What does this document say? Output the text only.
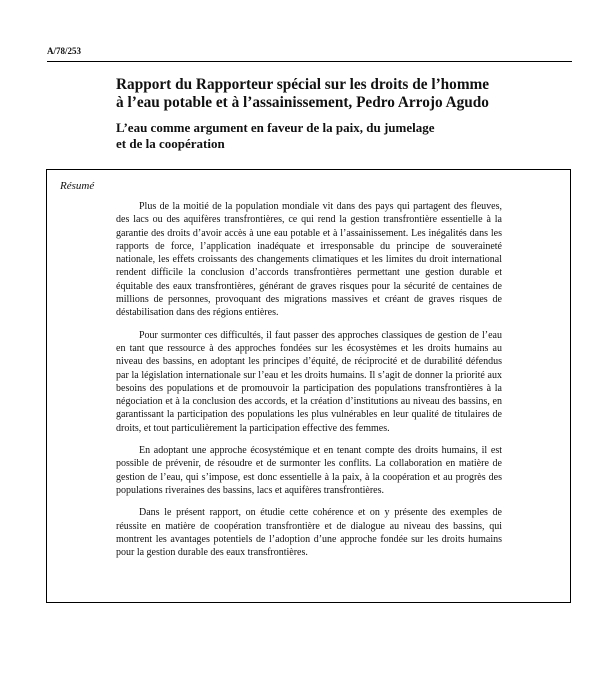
A/78/253
Rapport du Rapporteur spécial sur les droits de l’homme
à l’eau potable et à l’assainissement, Pedro Arrojo Agudo
L’eau comme argument en faveur de la paix, du jumelage
et de la coopération
Résumé

Plus de la moitié de la population mondiale vit dans des pays qui partagent des fleuves, des lacs ou des aquifères transfrontières, ce qui rend la gestion transfrontière essentielle à la garantie des droits d’avoir accès à une eau potable et à l’assainissement. Les inégalités dans les rapports de force, l’application inadéquate et irresponsable du principe de souveraineté nationale, les effets croissants des changements climatiques et les limites du droit international rendent difficile la conclusion d’accords transfrontières permettant une gestion durable et équitable des eaux transfrontières, générant de graves risques pour la sécurité de centaines de millions de personnes, provoquant des migrations massives et créant de graves risques de déstabilisation dans des régions entières.

Pour surmonter ces difficultés, il faut passer des approches classiques de gestion de l’eau en tant que ressource à des approches fondées sur les écosystèmes et les droits humains au niveau des bassins, en adoptant les principes d’équité, de réciprocité et de durabilité défendus par la législation internationale sur l’eau et les droits humains. Il s’agit de donner la priorité aux besoins des populations et de promouvoir la participation des populations transfrontières à la négociation et à la conclusion des accords, et la création d’institutions au niveau des bassins, en garantissant la participation des populations les plus vulnérables en leur qualité de titulaires de droits, et tout particulièrement la participation effective des femmes.

En adoptant une approche écosystémique et en tenant compte des droits humains, il est possible de prévenir, de résoudre et de surmonter les conflits. La collaboration en matière de gestion de l’eau, qui s’impose, est donc essentielle à la paix, à la coopération et au progrès des populations riveraines des bassins, lacs et aquifères transfrontières.

Dans le présent rapport, on étudie cette cohérence et on y présente des exemples de réussite en matière de coopération transfrontière et de dialogue au niveau des bassins, qui montrent les avantages potentiels de l’adoption d’une approche fondée sur les droits humains pour la gestion durable des eaux transfrontières.
